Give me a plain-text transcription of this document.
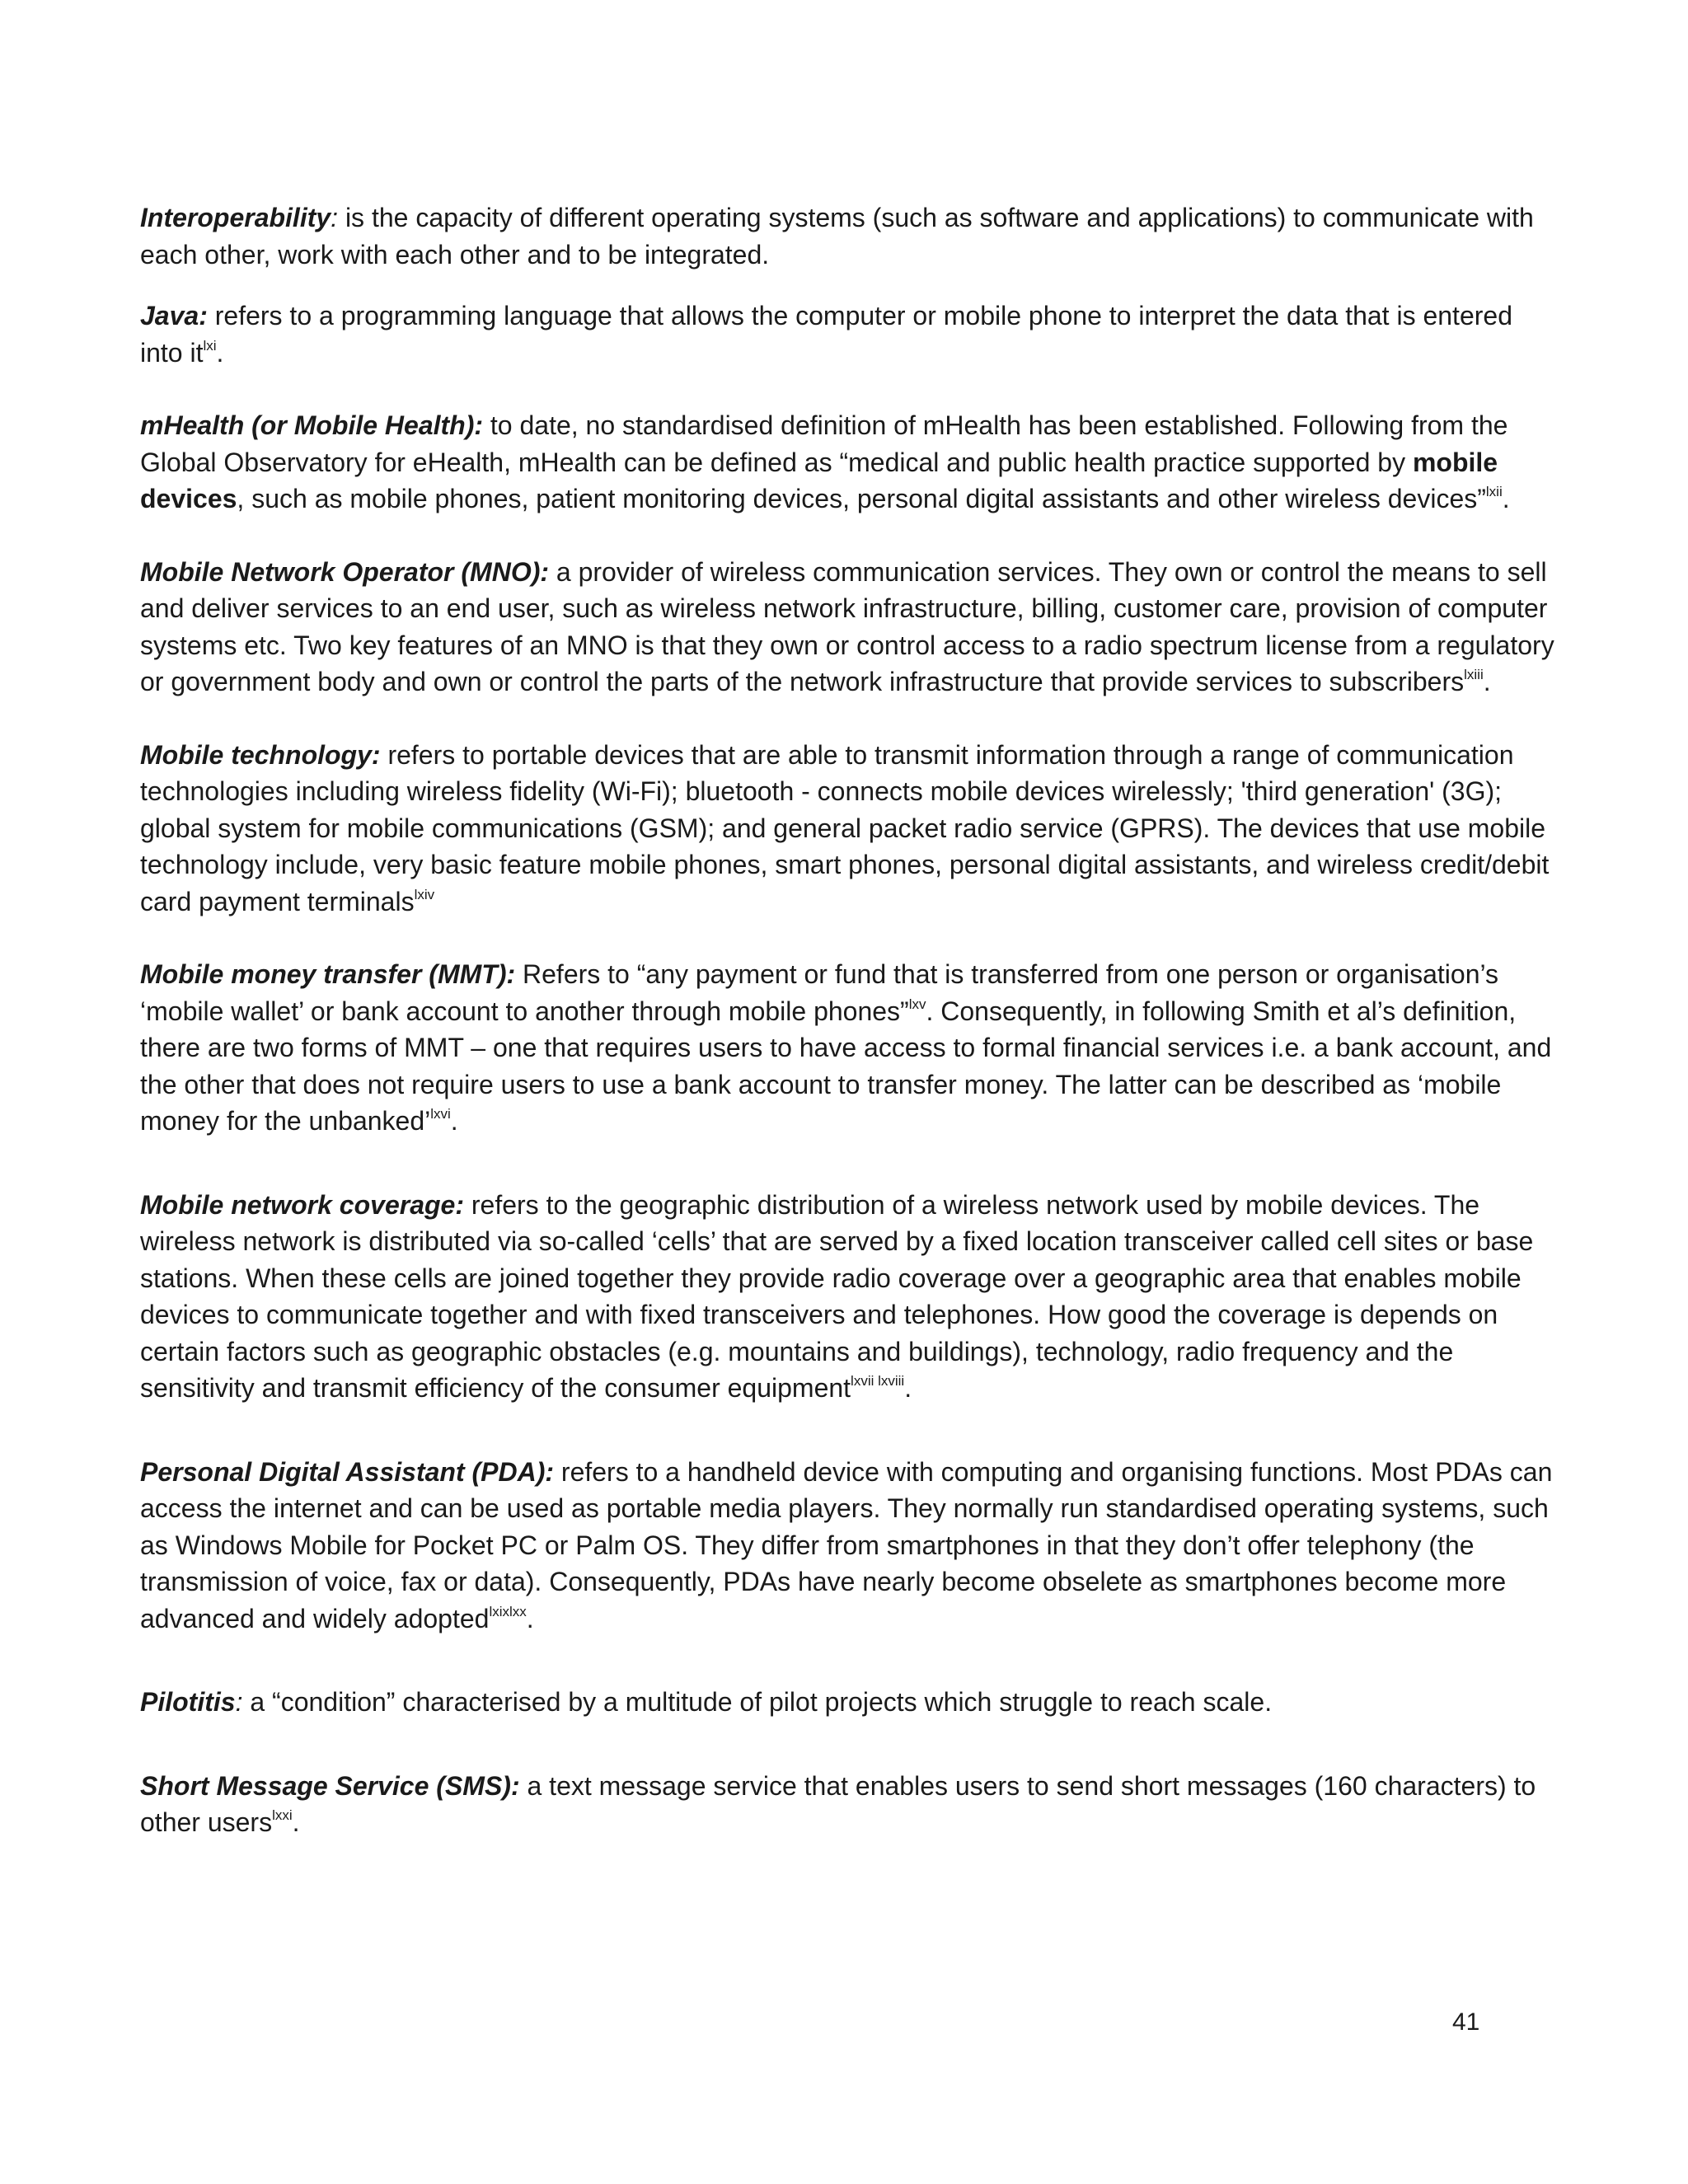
Interoperability: is the capacity of different operating systems (such as software and applications) to communicate with each other, work with each other and to be integrated.

Java: refers to a programming language that allows the computer or mobile phone to interpret the data that is entered into $it^{lxi}$.

mHealth (or Mobile Health): to date, no standardised definition of mHealth has been established. Following from the Global Observatory for eHealth, mHealth can be defined as “medical and public health practice supported by mobile devices, such as mobile phones, patient monitoring devices, personal digital assistants and other wireless devices”$^{lxii}$.

Mobile Network Operator (MNO): a provider of wireless communication services. They own or control the means to sell and deliver services to an end user, such as wireless network infrastructure, billing, customer care, provision of computer systems etc. Two key features of an MNO is that they own or control access to a radio spectrum license from a regulatory or government body and own or control the parts of the network infrastructure that provide services to subscribers$^{lxiii}$.

Mobile technology: refers to portable devices that are able to transmit information through a range of communication technologies including wireless fidelity (Wi-Fi); bluetooth - connects mobile devices wirelessly; 'third generation' (3G); global system for mobile communications (GSM); and general packet radio service (GPRS). The devices that use mobile technology include, very basic feature mobile phones, smart phones, personal digital assistants, and wireless credit/debit card payment terminals$^{lxiv}$

Mobile money transfer (MMT): Refers to “any payment or fund that is transferred from one person or organisation’s ‘mobile wallet’ or bank account to another through mobile phones”$^{lxv}$. Consequently, in following Smith et al’s definition, there are two forms of MMT – one that requires users to have access to formal financial services i.e. a bank account, and the other that does not require users to use a bank account to transfer money. The latter can be described as ‘mobile money for the unbanked’$^{lxvi}$.

Mobile network coverage: refers to the geographic distribution of a wireless network used by mobile devices. The wireless network is distributed via so-called ‘cells’ that are served by a fixed location transceiver called cell sites or base stations. When these cells are joined together they provide radio coverage over a geographic area that enables mobile devices to communicate together and with fixed transceivers and telephones. How good the coverage is depends on certain factors such as geographic obstacles (e.g. mountains and buildings), technology, radio frequency and the sensitivity and transmit efficiency of the consumer equipment$^{lxvii lxviii}$.

Personal Digital Assistant (PDA): refers to a handheld device with computing and organising functions. Most PDAs can access the internet and can be used as portable media players. They normally run standardised operating systems, such as Windows Mobile for Pocket PC or Palm OS. They differ from smartphones in that they don’t offer telephony (the transmission of voice, fax or data). Consequently, PDAs have nearly become obselete as smartphones become more advanced and widely adopted$^{lxixlxx}$.

Pilotitis: a “condition” characterised by a multitude of pilot projects which struggle to reach scale.

Short Message Service (SMS): a text message service that enables users to send short messages (160 characters) to other users$^{lxxi}$.

41
